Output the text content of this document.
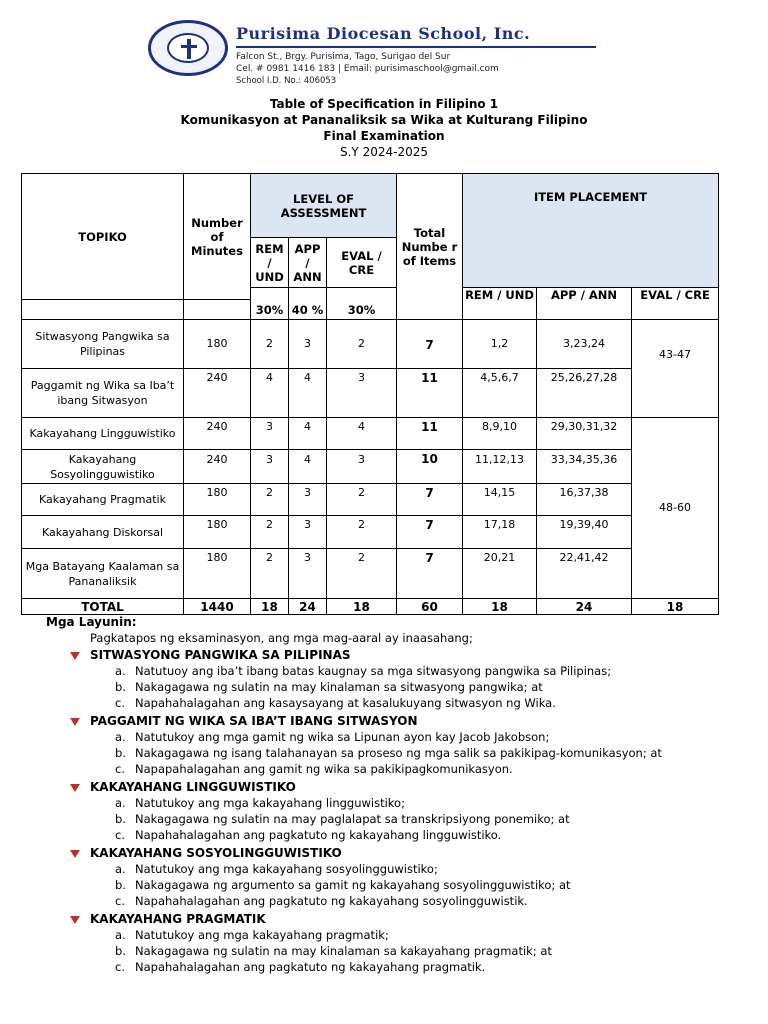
Purisima Diocesan School, Inc.
Falcon St., Brgy. Purisima, Tago, Surigao del Sur
Cel. # 0981 1416 183 | Email: purisimaschool@gmail.com
School I.D. No.: 406053
Table of Specification in Filipino 1
Komunikasyon at Pananaliksik sa Wika at Kulturang Filipino
Final Examination
S.Y 2024-2025
TOPIKO	Number of Minutes	LEVEL OF ASSESSMENT			Total Numbe r of Items	ITEM PLACEMENT		
		REM / UND	APP / ANN	EVAL / CRE				
		30%	40 %	30%		REM / UND	APP / ANN	EVAL / CRE

Sitwasyong Pangwika sa Pilipinas	180	2	3	2	7	1,2	3,23,24	43-47
Paggamit ng Wika sa Iba’t ibang Sitwasyon	240	4	4	3	11	4,5,6,7	25,26,27,28	
Kakayahang Lingguwistiko	240	3	4	4	11	8,9,10	29,30,31,32	48-60
Kakayahang Sosyolingguwistiko	240	3	4	3	10	11,12,13	33,34,35,36	
Kakayahang Pragmatik	180	2	3	2	7	14,15	16,37,38	
Kakayahang Diskorsal	180	2	3	2	7	17,18	19,39,40	
Mga Batayang Kaalaman sa Pananaliksik	180	2	3	2	7	20,21	22,41,42	
TOTAL	1440	18	24	18	60	18	24	18
Mga Layunin:
Pagkatapos ng eksaminasyon, ang mga mag-aaral ay inaasahang;
SITWASYONG PANGWIKA SA PILIPINAS
a. Natutuoy ang iba’t ibang batas kaugnay sa mga sitwasyong pangwika sa Pilipinas;
b. Nakagagawa ng sulatin na may kinalaman sa sitwasyong pangwika; at
c. Napahahalagahan ang kasaysayang at kasalukuyang sitwasyon ng Wika.
PAGGAMIT NG WIKA SA IBA’T IBANG SITWASYON
a. Natutukoy ang mga gamit ng wika sa Lipunan ayon kay Jacob Jakobson;
b. Nakagagawa ng isang talahanayan sa proseso ng mga salik sa pakikipag-komunikasyon; at
c. Napapahalagahan ang gamit ng wika sa pakikipagkomunikasyon.
KAKAYAHANG LINGGUWISTIKO
a. Natutukoy ang mga kakayahang lingguwistiko;
b. Nakagagawa ng sulatin na may paglalapat sa transkripsiyong ponemiko; at
c. Napahahalagahan ang pagkatuto ng kakayahang lingguwistiko.
KAKAYAHANG SOSYOLINGGUWISTIKO
a. Natutukoy ang mga kakayahang sosyolingguwistiko;
b. Nakagagawa ng argumento sa gamit ng kakayahang sosyolingguwistiko; at
c. Napahahalagahan ang pagkatuto ng kakayahang sosyolingguwistik.
KAKAYAHANG PRAGMATIK
a. Natutukoy ang mga kakayahang pragmatik;
b. Nakagagawa ng sulatin na may kinalaman sa kakayahang pragmatik; at
c. Napahahalagahan ang pagkatuto ng kakayahang pragmatik.
